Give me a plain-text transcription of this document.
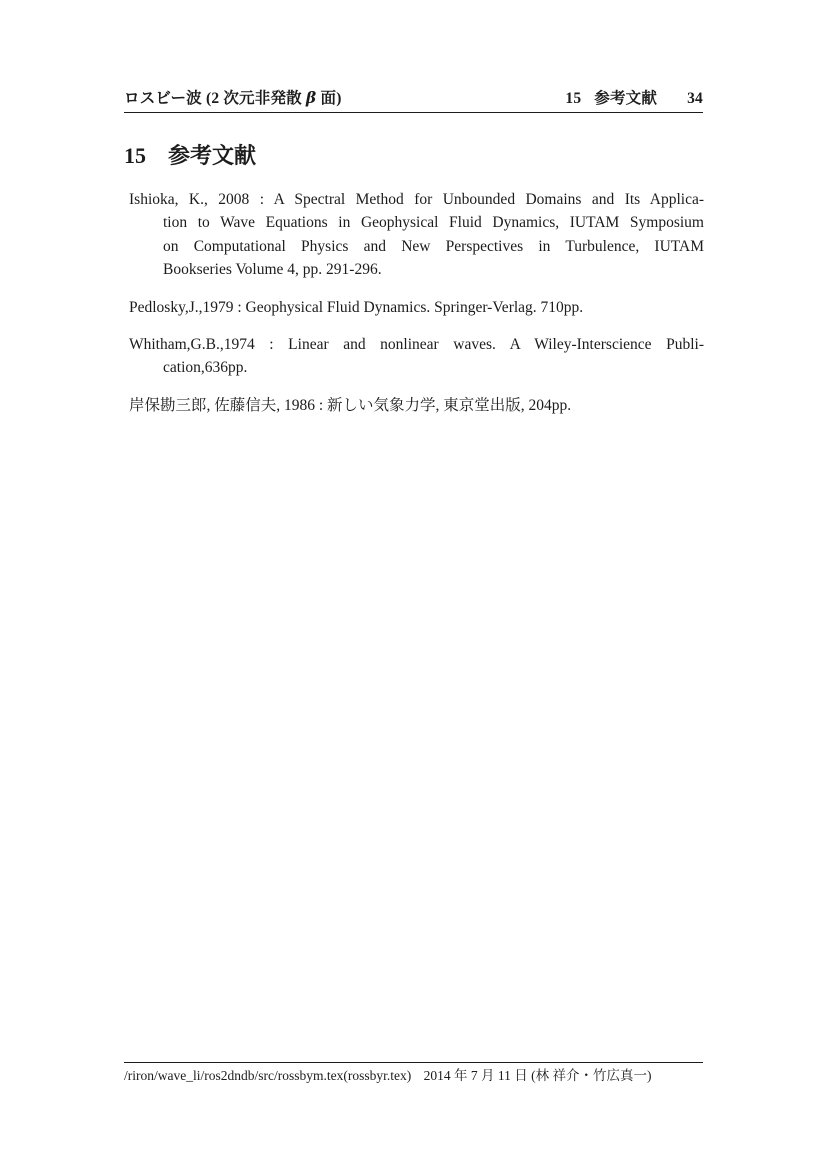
ロスビー波 (2 次元非発散 β 面)	15 参考文献 34
15 参考文献
Ishioka, K., 2008 : A Spectral Method for Unbounded Domains and Its Applica-
tion to Wave Equations in Geophysical Fluid Dynamics, IUTAM Symposium
on Computational Physics and New Perspectives in Turbulence, IUTAM
Bookseries Volume 4, pp. 291-296.
Pedlosky,J.,1979 : Geophysical Fluid Dynamics. Springer-Verlag. 710pp.
Whitham,G.B.,1974 : Linear and nonlinear waves. A Wiley-Interscience Publi-
cation,636pp.
岸保勘三郎, 佐藤信夫, 1986 : 新しい気象力学, 東京堂出版, 204pp.
/riron/wave_li/ros2dndb/src/rossbym.tex(rossbyr.tex) 2014 年 7 月 11 日 (林 祥介・竹広真一)
